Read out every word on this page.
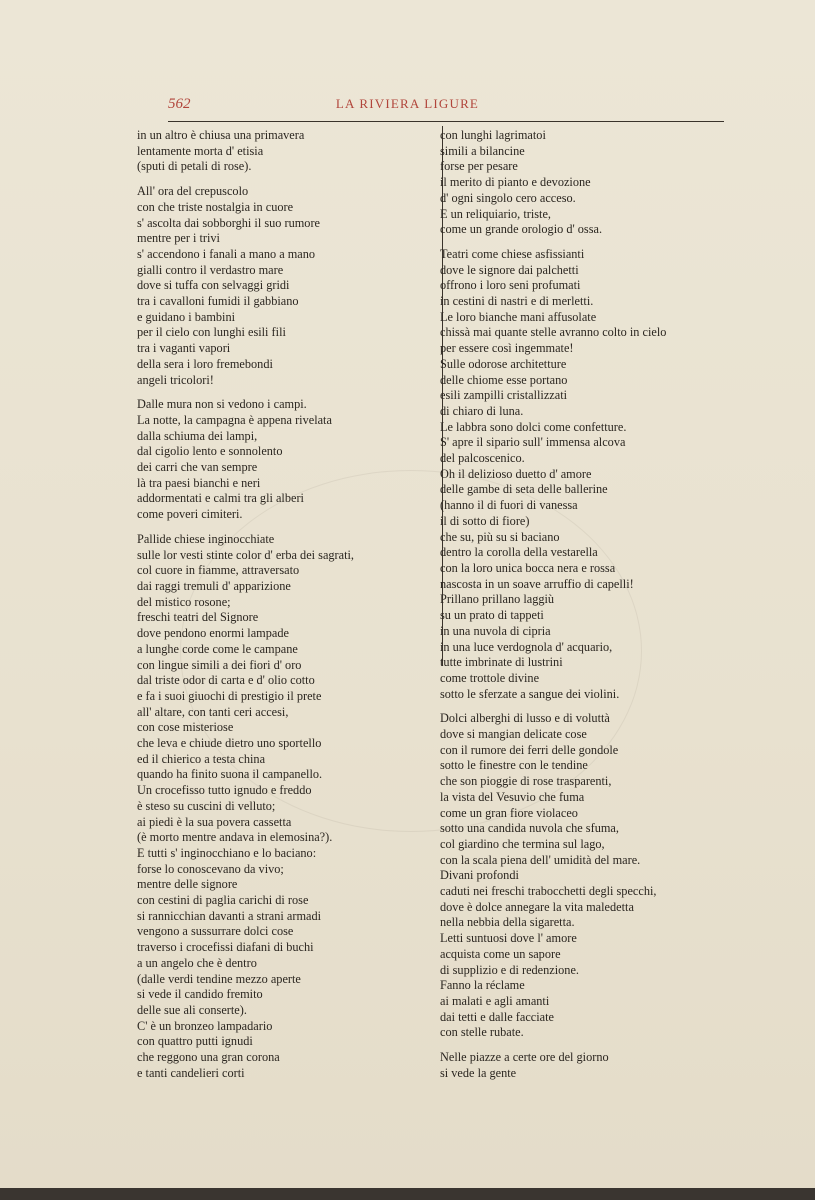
562	LA RIVIERA LIGURE
in un altro è chiusa una primavera
lentamente morta d' etisia
(sputi di petali di rose).
All' ora del crepuscolo
con che triste nostalgia in cuore
s' ascolta dai sobborghi il suo rumore
mentre per i trivi
s' accendono i fanali a mano a mano
gialli contro il verdastro mare
dove si tuffa con selvaggi gridi
tra i cavalloni fumidi il gabbiano
e guidano i bambini
per il cielo con lunghi esili fili
tra i vaganti vapori
della sera i loro fremebondi
angeli tricolori!
Dalle mura non si vedono i campi.
La notte, la campagna è appena rivelata
dalla schiuma dei lampi,
dal cigolio lento e sonnolento
dei carri che van sempre
là tra paesi bianchi e neri
addormentati e calmi tra gli alberi
come poveri cimiteri.
Pallide chiese inginocchiate
sulle lor vesti stinte color d' erba dei sagrati,
col cuore in fiamme, attraversato
dai raggi tremuli d' apparizione
del mistico rosone;
freschi teatri del Signore
dove pendono enormi lampade
a lunghe corde come le campane
con lingue simili a dei fiori d' oro
dal triste odor di carta e d' olio cotto
e fa i suoi giuochi di prestigio il prete
all' altare, con tanti ceri accesi,
con cose misteriose
che leva e chiude dietro uno sportello
ed il chierico a testa china
quando ha finito suona il campanello.
Un crocefisso tutto ignudo e freddo
è steso su cuscini di velluto;
ai piedi è la sua povera cassetta
(è morto mentre andava in elemosina?).
E tutti s' inginocchiano e lo baciano:
forse lo conoscevano da vivo;
mentre delle signore
con cestini di paglia carichi di rose
si rannicchian davanti a strani armadi
vengono a sussurrare dolci cose
traverso i crocefissi diafani di buchi
a un angelo che è dentro
(dalle verdi tendine mezzo aperte
si vede il candido fremito
delle sue ali conserte).
C' è un bronzeo lampadario
con quattro putti ignudi
che reggono una gran corona
e tanti candelieri corti
con lunghi lagrimatoi
simili a bilancine
forse per pesare
il merito di pianto e devozione
d' ogni singolo cero acceso.
E un reliquiario, triste,
come un grande orologio d' ossa.
Teatri come chiese asfissianti
dove le signore dai palchetti
offrono i loro seni profumati
in cestini di nastri e di merletti.
Le loro bianche mani affusolate
chissà mai quante stelle avranno colto in cielo
per essere così ingemmate!
Sulle odorose architetture
delle chiome esse portano
esili zampilli cristallizzati
di chiaro di luna.
Le labbra sono dolci come confetture.
S' apre il sipario sull' immensa alcova
del palcoscenico.
Oh il delizioso duetto d' amore
delle gambe di seta delle ballerine
(hanno il di fuori di vanessa
il di sotto di fiore)
che su, più su si baciano
dentro la corolla della vestarella
con la loro unica bocca nera e rossa
nascosta in un soave arruffio di capelli!
Prillano prillano laggiù
su un prato di tappeti
in una nuvola di cipria
in una luce verdognola d' acquario,
tutte imbrinate di lustrini
come trottole divine
sotto le sferzate a sangue dei violini.
Dolci alberghi di lusso e di voluttà
dove si mangian delicate cose
con il rumore dei ferri delle gondole
sotto le finestre con le tendine
che son pioggie di rose trasparenti,
la vista del Vesuvio che fuma
come un gran fiore violaceo
sotto una candida nuvola che sfuma,
col giardino che termina sul lago,
con la scala piena dell' umidità del mare.
Divani profondi
caduti nei freschi trabocchetti degli specchi,
dove è dolce annegare la vita maledetta
nella nebbia della sigaretta.
Letti suntuosi dove l' amore
acquista come un sapore
di supplizio e di redenzione.
Fanno la réclame
ai malati e agli amanti
dai tetti e dalle facciate
con stelle rubate.
Nelle piazze a certe ore del giorno
si vede la gente
